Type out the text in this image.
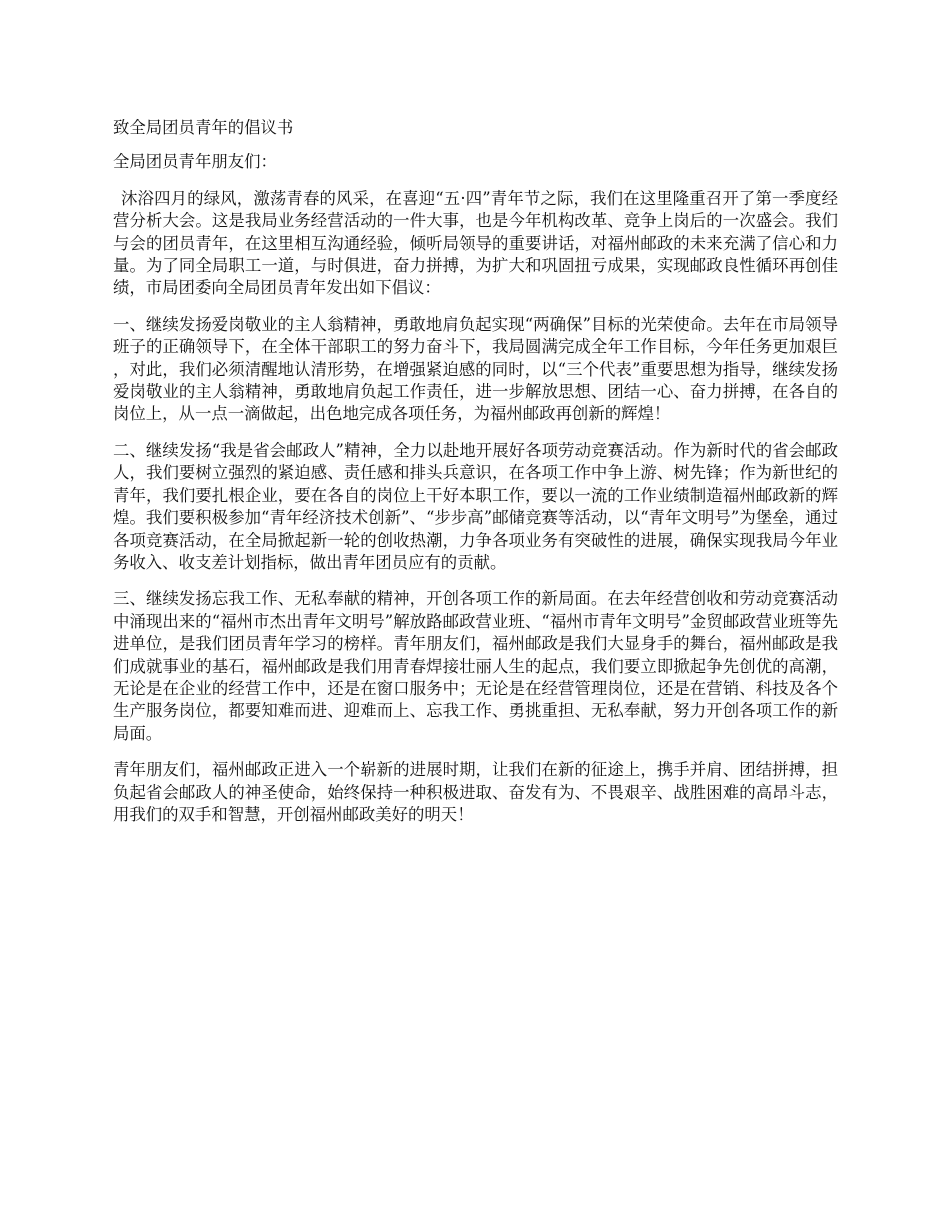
致全局团员青年的倡议书
全局团员青年朋友们：

沐浴四月的绿风，激荡青春的风采，在喜迎“五·四”青年节之际，我们在这里隆重召开了第一季度经营分析大会。这是我局业务经营活动的一件大事，也是今年机构改革、竞争上岗后的一次盛会。我们与会的团员青年，在这里相互沟通经验，倾听局领导的重要讲话，对福州邮政的未来充满了信心和力量。为了同全局职工一道，与时俱进，奋力拼搏，为扩大和巩固扭亏成果，实现邮政良性循环再创佳绩，市局团委向全局团员青年发出如下倡议：

一、继续发扬爱岗敬业的主人翁精神，勇敢地肩负起实现“两确保”目标的光荣使命。去年在市局领导班子的正确领导下，在全体干部职工的努力奋斗下，我局圆满完成全年工作目标，今年任务更加艰巨，对此，我们必须清醒地认清形势，在增强紧迫感的同时，以“三个代表”重要思想为指导，继续发扬爱岗敬业的主人翁精神，勇敢地肩负起工作责任，进一步解放思想、团结一心、奋力拼搏，在各自的岗位上，从一点一滴做起，出色地完成各项任务，为福州邮政再创新的辉煌！

二、继续发扬“我是省会邮政人”精神，全力以赴地开展好各项劳动竞赛活动。作为新时代的省会邮政人，我们要树立强烈的紧迫感、责任感和排头兵意识，在各项工作中争上游、树先锋；作为新世纪的青年，我们要扎根企业，要在各自的岗位上干好本职工作，要以一流的工作业绩制造福州邮政新的辉煌。我们要积极参加“青年经济技术创新”、“步步高”邮储竞赛等活动，以“青年文明号”为堡垒，通过各项竞赛活动，在全局掀起新一轮的创收热潮，力争各项业务有突破性的进展，确保实现我局今年业务收入、收支差计划指标，做出青年团员应有的贡献。

三、继续发扬忘我工作、无私奉献的精神，开创各项工作的新局面。在去年经营创收和劳动竞赛活动中涌现出来的“福州市杰出青年文明号”解放路邮政营业班、“福州市青年文明号”金贸邮政营业班等先进单位，是我们团员青年学习的榜样。青年朋友们，福州邮政是我们大显身手的舞台，福州邮政是我们成就事业的基石，福州邮政是我们用青春焊接壮丽人生的起点，我们要立即掀起争先创优的高潮，无论是在企业的经营工作中，还是在窗口服务中；无论是在经营管理岗位，还是在营销、科技及各个生产服务岗位，都要知难而进、迎难而上、忘我工作、勇挑重担、无私奉献，努力开创各项工作的新局面。

青年朋友们，福州邮政正进入一个崭新的进展时期，让我们在新的征途上，携手并肩、团结拼搏，担负起省会邮政人的神圣使命，始终保持一种积极进取、奋发有为、不畏艰辛、战胜困难的高昂斗志，用我们的双手和智慧，开创福州邮政美好的明天！
